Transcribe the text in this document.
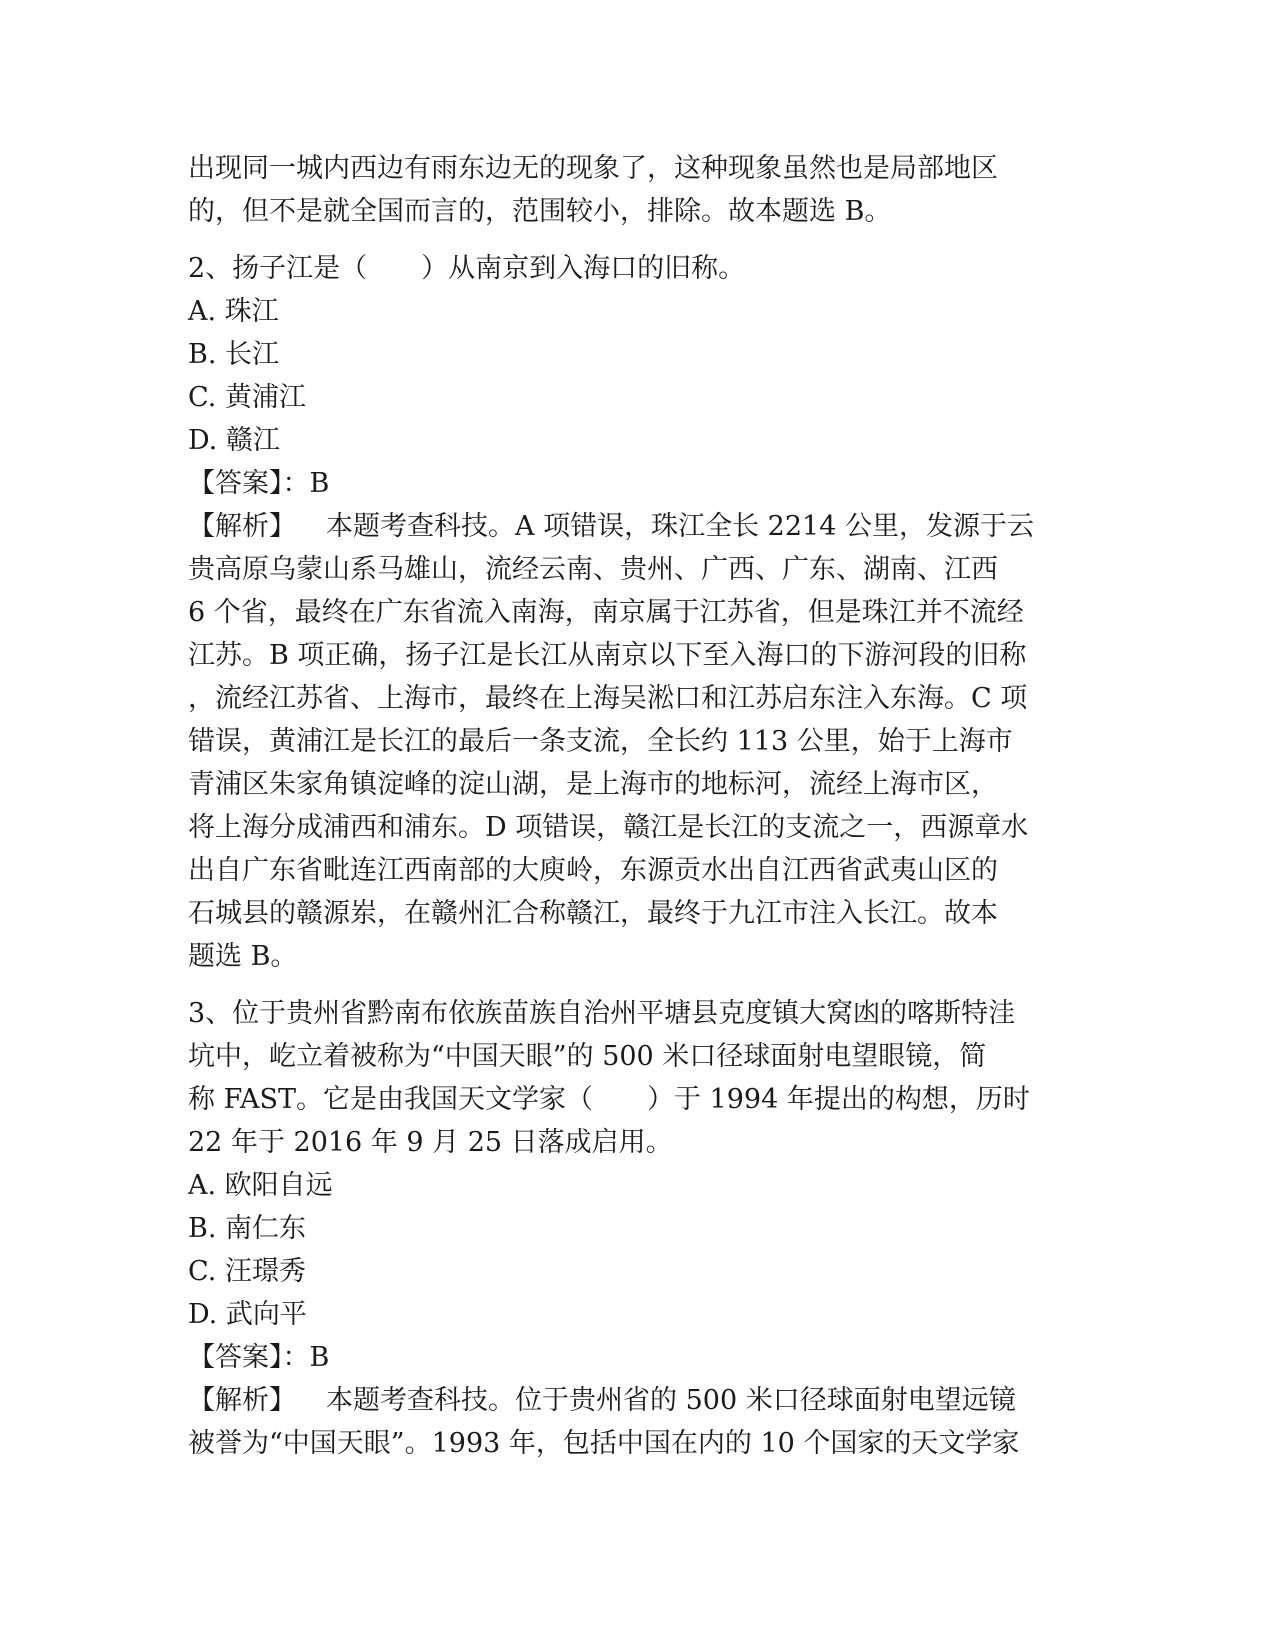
出现同一城内西边有雨东边无的现象了，这种现象虽然也是局部地区
的，但不是就全国而言的，范围较小，排除。故本题选 B。
2、扬子江是（　　）从南京到入海口的旧称。
A. 珠江
B. 长江
C. 黄浦江
D. 赣江
【答案】：B
【解析】 本题考查科技。A 项错误，珠江全长 2214 公里，发源于云
贵高原乌蒙山系马雄山，流经云南、贵州、广西、广东、湖南、江西
6 个省，最终在广东省流入南海，南京属于江苏省，但是珠江并不流经
江苏。B 项正确，扬子江是长江从南京以下至入海口的下游河段的旧称
，流经江苏省、上海市，最终在上海吴淞口和江苏启东注入东海。C 项
错误，黄浦江是长江的最后一条支流，全长约 113 公里，始于上海市
青浦区朱家角镇淀峰的淀山湖，是上海市的地标河，流经上海市区，
将上海分成浦西和浦东。D 项错误，赣江是长江的支流之一，西源章水
出自广东省毗连江西南部的大庾岭，东源贡水出自江西省武夷山区的
石城县的赣源岽，在赣州汇合称赣江，最终于九江市注入长江。故本
题选 B。
3、位于贵州省黔南布依族苗族自治州平塘县克度镇大窝凼的喀斯特洼
坑中，屹立着被称为“中国天眼”的 500 米口径球面射电望眼镜，简
称 FAST。它是由我国天文学家（　　）于 1994 年提出的构想，历时
22 年于 2016 年 9 月 25 日落成启用。
A. 欧阳自远
B. 南仁东
C. 汪璟秀
D. 武向平
【答案】：B
【解析】 本题考查科技。位于贵州省的 500 米口径球面射电望远镜
被誉为“中国天眼”。1993 年，包括中国在内的 10 个国家的天文学家
